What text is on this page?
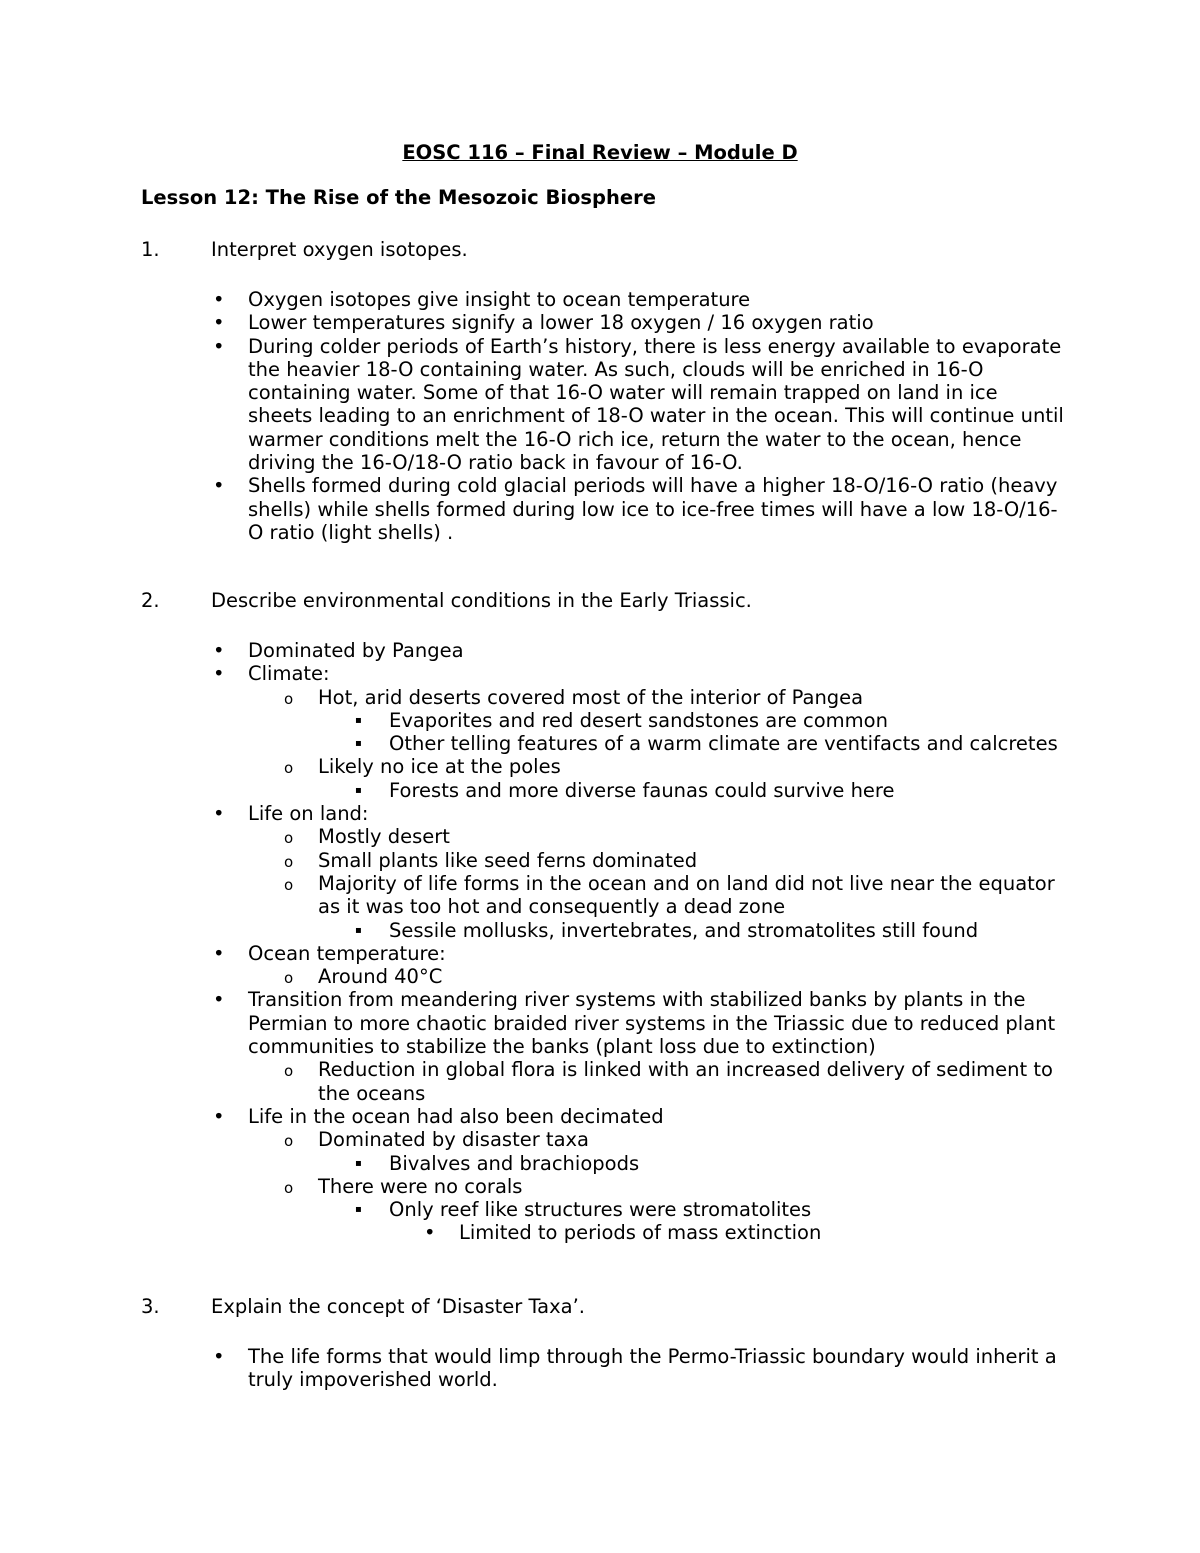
EOSC 116 – Final Review – Module D
Lesson 12: The Rise of the Mesozoic Biosphere
1.	Interpret oxygen isotopes.
• Oxygen isotopes give insight to ocean temperature
• Lower temperatures signify a lower 18 oxygen / 16 oxygen ratio
• During colder periods of Earth’s history, there is less energy available to evaporate the heavier 18-O containing water. As such, clouds will be enriched in 16-O containing water. Some of that 16-O water will remain trapped on land in ice sheets leading to an enrichment of 18-O water in the ocean. This will continue until warmer conditions melt the 16-O rich ice, return the water to the ocean, hence driving the 16-O/18-O ratio back in favour of 16-O.
• Shells formed during cold glacial periods will have a higher 18-O/16-O ratio (heavy shells) while shells formed during low ice to ice-free times will have a low 18-O/16-O ratio (light shells) .
2.	Describe environmental conditions in the Early Triassic.
• Dominated by Pangea
• Climate:
o Hot, arid deserts covered most of the interior of Pangea
▪ Evaporites and red desert sandstones are common
▪ Other telling features of a warm climate are ventifacts and calcretes
o Likely no ice at the poles
▪ Forests and more diverse faunas could survive here
• Life on land:
o Mostly desert
o Small plants like seed ferns dominated
o Majority of life forms in the ocean and on land did not live near the equator as it was too hot and consequently a dead zone
▪ Sessile mollusks, invertebrates, and stromatolites still found
• Ocean temperature:
o Around 40°C
• Transition from meandering river systems with stabilized banks by plants in the Permian to more chaotic braided river systems in the Triassic due to reduced plant communities to stabilize the banks (plant loss due to extinction)
o Reduction in global flora is linked with an increased delivery of sediment to the oceans
• Life in the ocean had also been decimated
o Dominated by disaster taxa
▪ Bivalves and brachiopods
o There were no corals
▪ Only reef like structures were stromatolites
• Limited to periods of mass extinction
3.	Explain the concept of ‘Disaster Taxa’.
• The life forms that would limp through the Permo-Triassic boundary would inherit a truly impoverished world.
